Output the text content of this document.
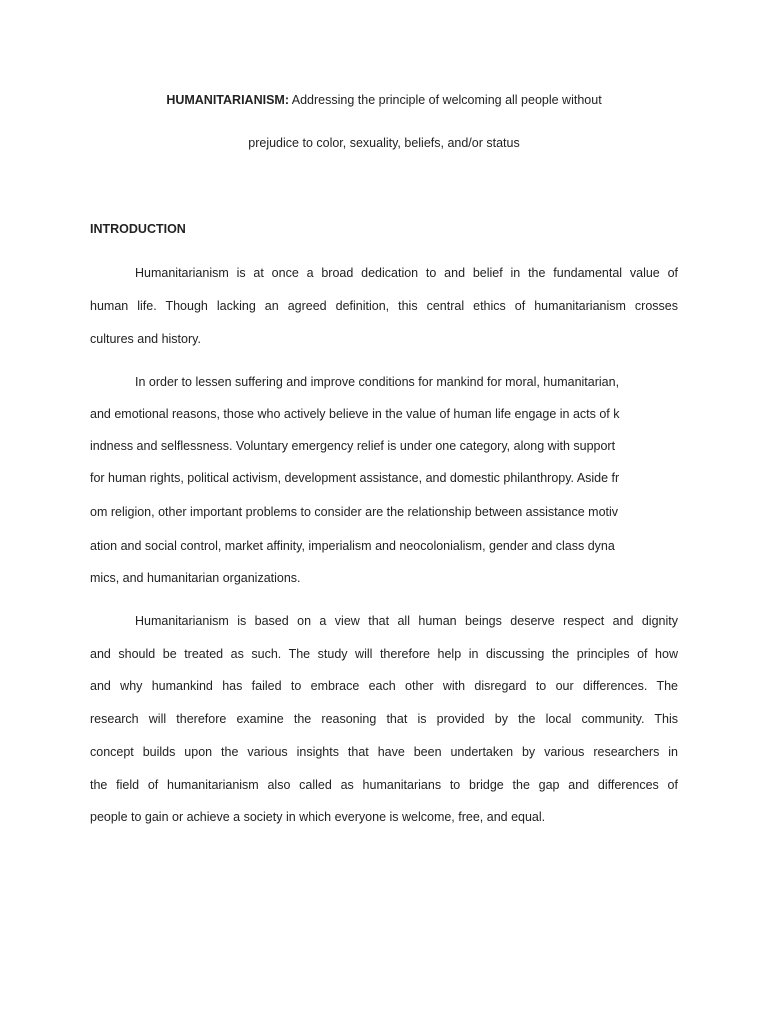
HUMANITARIANISM: Addressing the principle of welcoming all people without
prejudice to color, sexuality, beliefs, and/or status
INTRODUCTION
Humanitarianism is at once a broad dedication to and belief in the fundamental value of
human life. Though lacking an agreed definition, this central ethics of humanitarianism crosses
cultures and history.
In order to lessen suffering and improve conditions for mankind for moral, humanitarian,
and emotional reasons, those who actively believe in the value of human life engage in acts of k
indness and selflessness. Voluntary emergency relief is under one category, along with support
for human rights, political activism, development assistance, and domestic philanthropy. Aside fr
om religion, other important problems to consider are the relationship between assistance motiv
ation and social control, market affinity, imperialism and neocolonialism, gender and class dyna
mics, and humanitarian organizations.
Humanitarianism is based on a view that all human beings deserve respect and dignity
and should be treated as such. The study will therefore help in discussing the principles of how
and why humankind has failed to embrace each other with disregard to our differences. The
research will therefore examine the reasoning that is provided by the local community. This
concept builds upon the various insights that have been undertaken by various researchers in
the field of humanitarianism also called as humanitarians to bridge the gap and differences of
people to gain or achieve a society in which everyone is welcome, free, and equal.
